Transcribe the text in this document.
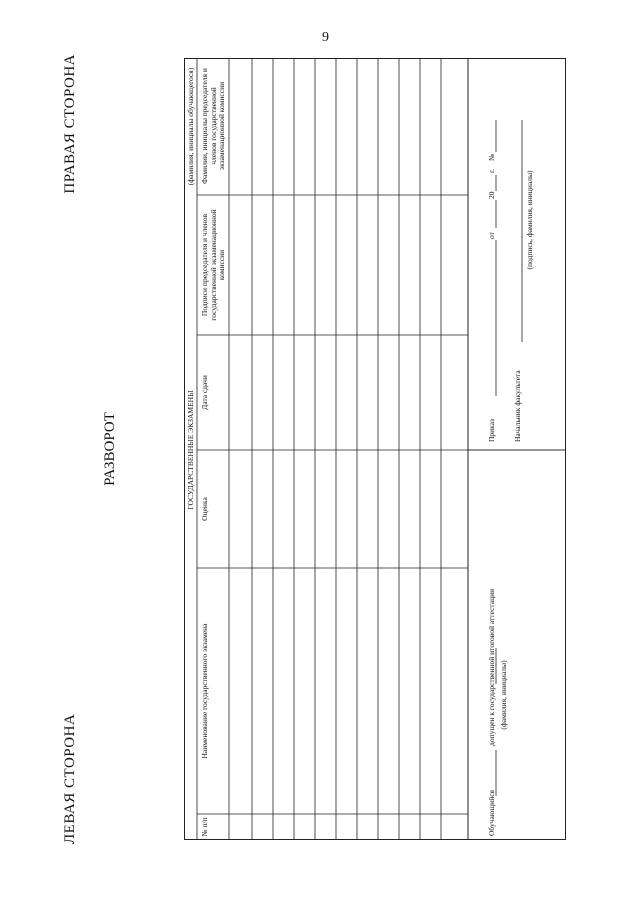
9
ЛЕВАЯ СТОРОНА
ПРАВАЯ СТОРОНА
РАЗВОРОТ	ГОСУДАРСТВЕННЫЕ ЭКЗАМЕНЫ
(фамилия, инициалы обучающегося)
№ п/п
Наименование государственного экзамена
Оценка
Дата сдачи
Подписи председателя и членов государственной экзаменационной комиссии
Фамилии, инициалы председателя и членов государственной экзаменационной комиссии
Обучающийся
допущен к государственной итоговой аттестации (фамилия, инициалы)
Приказ
от
20
г.
№
Начальник факультета
(подпись, фамилия, инициалы)
